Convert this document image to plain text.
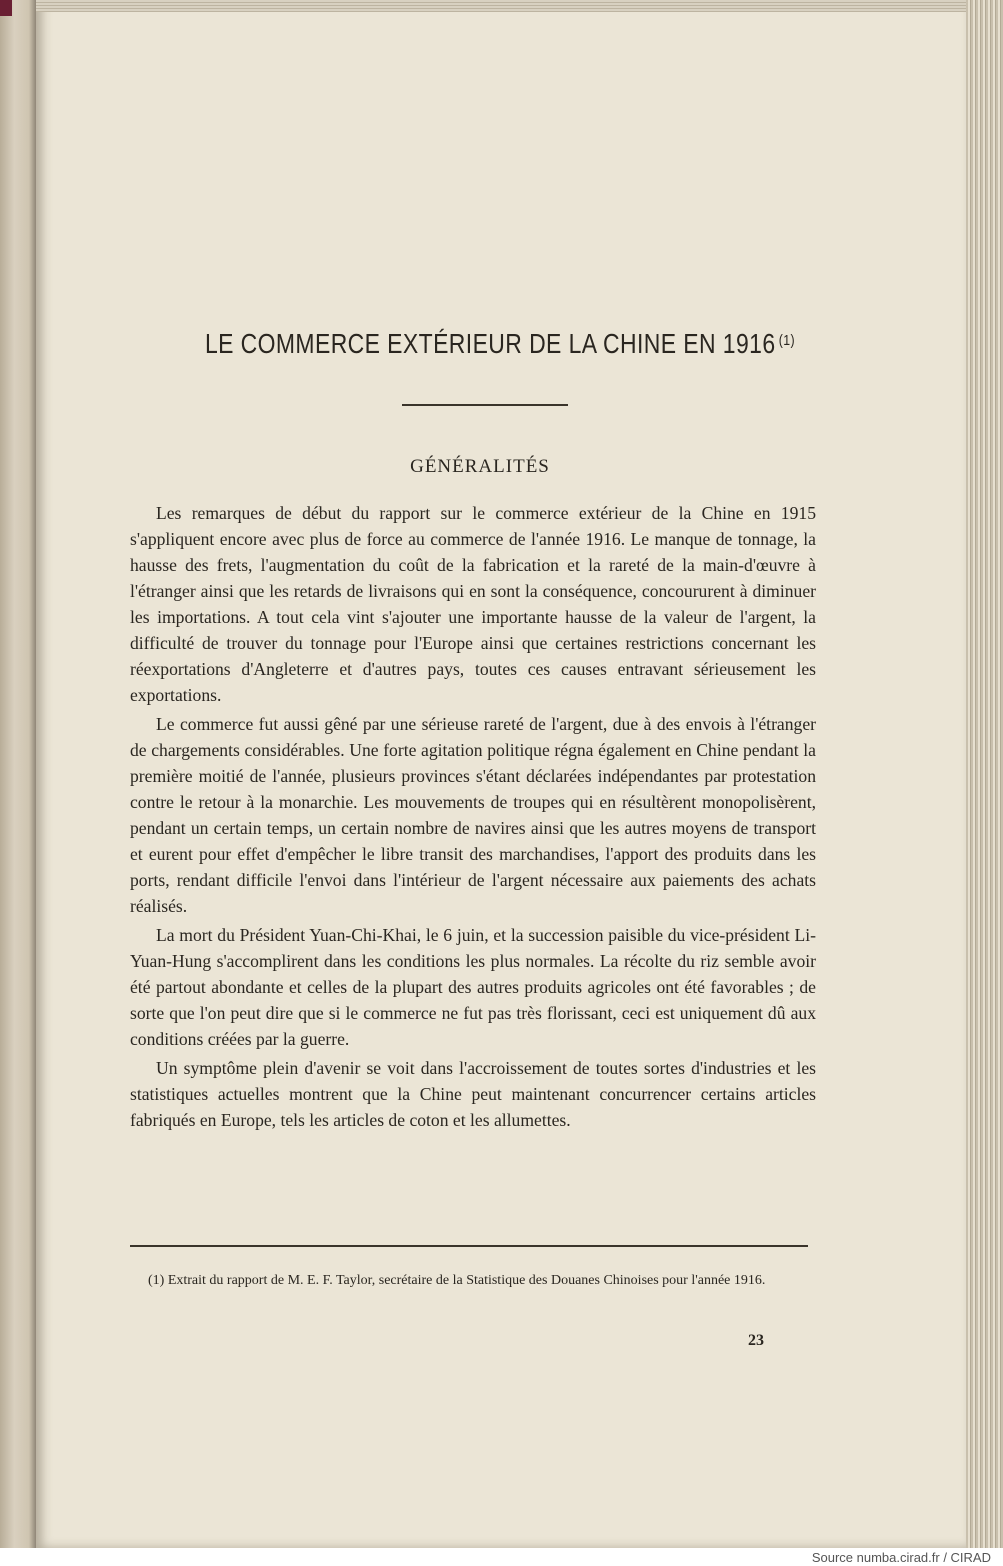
LE COMMERCE EXTÉRIEUR DE LA CHINE EN 1916 $^{(1)}$
GÉNÉRALITÉS

Les remarques de début du rapport sur le commerce extérieur de la Chine en 1915 s'appliquent encore avec plus de force au commerce de l'année 1916. Le manque de tonnage, la hausse des frets, l'augmentation du coût de la fabrication et la rareté de la main-d'œuvre à l'étranger ainsi que les retards de livraisons qui en sont la conséquence, concoururent à diminuer les importations. A tout cela vint s'ajouter une importante hausse de la valeur de l'argent, la difficulté de trouver du tonnage pour l'Europe ainsi que certaines restrictions concernant les réexportations d'Angleterre et d'autres pays, toutes ces causes entravant sérieusement les exportations.

Le commerce fut aussi gêné par une sérieuse rareté de l'argent, due à des envois à l'étranger de chargements considérables. Une forte agitation politique régna également en Chine pendant la première moitié de l'année, plusieurs provinces s'étant déclarées indépendantes par protestation contre le retour à la monarchie. Les mouvements de troupes qui en résultèrent monopolisèrent, pendant un certain temps, un certain nombre de navires ainsi que les autres moyens de transport et eurent pour effet d'empêcher le libre transit des marchandises, l'apport des produits dans les ports, rendant difficile l'envoi dans l'intérieur de l'argent nécessaire aux paiements des achats réalisés.

La mort du Président Yuan-Chi-Khai, le 6 juin, et la succession paisible du vice-président Li-Yuan-Hung s'accomplirent dans les conditions les plus normales. La récolte du riz semble avoir été partout abondante et celles de la plupart des autres produits agricoles ont été favorables ; de sorte que l'on peut dire que si le commerce ne fut pas très florissant, ceci est uniquement dû aux conditions créées par la guerre.

Un symptôme plein d'avenir se voit dans l'accroissement de toutes sortes d'industries et les statistiques actuelles montrent que la Chine peut maintenant concurrencer certains articles fabriqués en Europe, tels les articles de coton et les allumettes.

(1) Extrait du rapport de M. E. F. Taylor, secrétaire de la Statistique des Douanes Chinoises pour l'année 1916.

23
Source numba.cirad.fr / CIRAD
